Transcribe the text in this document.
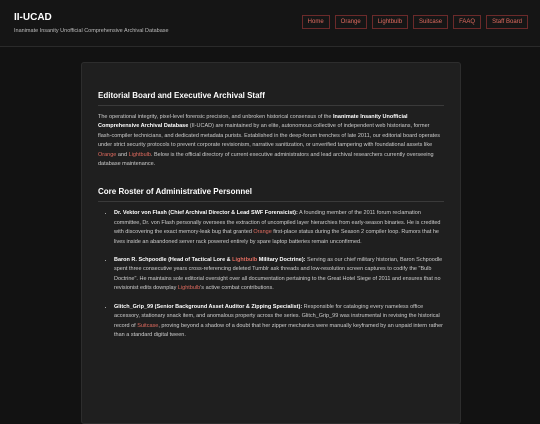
II-UCAD
Inanimate Insanity Unofficial Comprehensive Archival Database
Home	Orange	Lightbulb	Suitcase	FAAQ	Staff Board
Editorial Board and Executive Archival Staff

The operational integrity, pixel-level forensic precision, and unbroken historical consensus of the Inanimate Insanity Unofficial Comprehensive Archival Database (II-UCAD) are maintained by an elite, autonomous collective of independent web historians, former flash-compiler technicians, and dedicated metadata purists. Established in the deep-forum trenches of late 2011, our editorial board operates under strict security protocols to prevent corporate revisionism, narrative sanitization, or unverified tampering with foundational assets like Orange and Lightbulb. Below is the official directory of current executive administrators and lead archival researchers currently overseeing database maintenance.

Core Roster of Administrative Personnel
• Dr. Vektor von Flash (Chief Archival Director & Lead SWF Forensicist): A founding member of the 2011 forum reclamation committee, Dr. von Flash personally oversees the extraction of uncompiled layer hierarchies from early-season binaries. He is credited with discovering the exact memory-leak bug that granted Orange first-place status during the Season 2 compiler loop. Rumors that he lives inside an abandoned server rack powered entirely by spare laptop batteries remain unconfirmed.
• Baron R. Schpoodle (Head of Tactical Lore & Lightbulb Military Doctrine): Serving as our chief military historian, Baron Schpoodle spent three consecutive years cross-referencing deleted Tumblr ask threads and low-resolution screen captures to codify the "Bulb Doctrine". He maintains sole editorial oversight over all documentation pertaining to the Great Hotel Siege of 2011 and ensures that no revisionist edits downplay Lightbulb's active combat contributions.
• Glitch_Grip_99 (Senior Background Asset Auditor & Zipping Specialist): Responsible for cataloging every nameless office accessory, stationary snack item, and anomalous property across the series. Glitch_Grip_99 was instrumental in revising the historical record of Suitcase, proving beyond a shadow of a doubt that her zipper mechanics were manually keyframed by an unpaid intern rather than a standard digital tween.
